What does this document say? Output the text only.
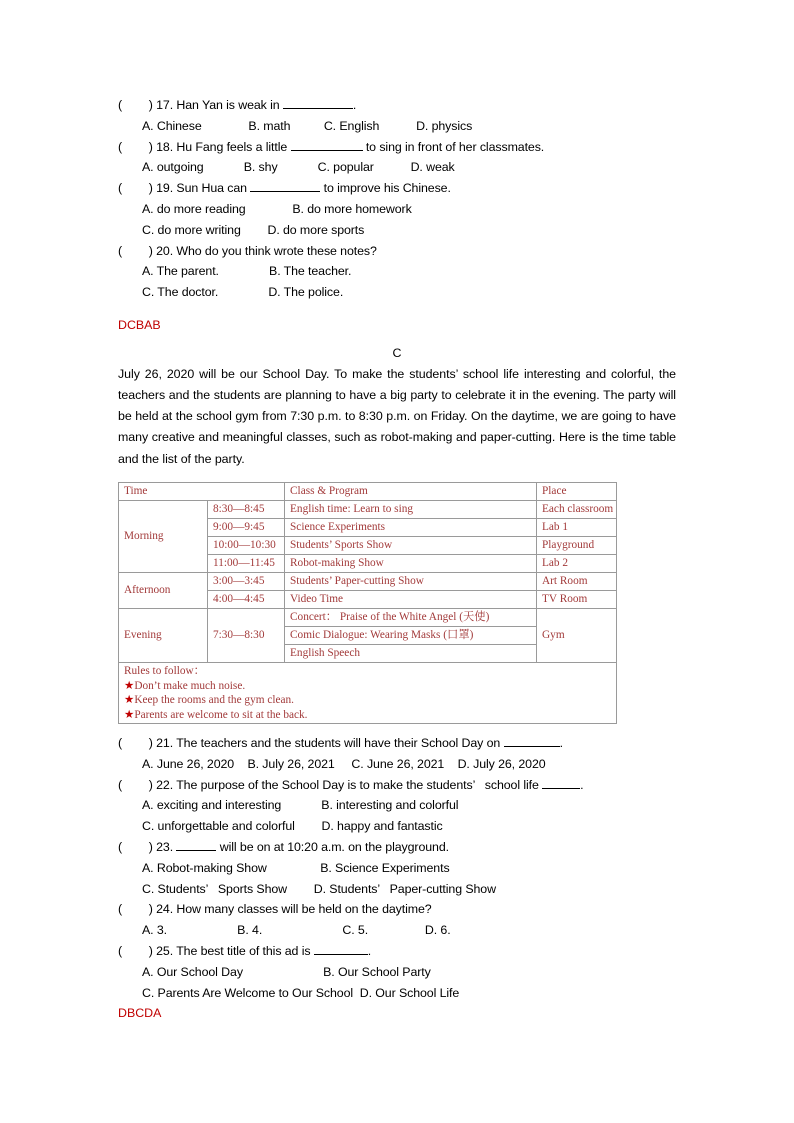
(        ) 17. Han Yan is weak in	.
A. Chinese              B. math          C. English           D. physics
(        ) 18. Hu Fang feels a little	to sing in front of her classmates.
A. outgoing            B. shy            C. popular           D. weak
(        ) 19. Sun Hua can	to improve his Chinese.
A. do more reading              B. do more homework
C. do more writing        D. do more sports
(        ) 20. Who do you think wrote these notes?
A. The parent.               B. The teacher.
C. The doctor.               D. The police.
DCBAB
C
July 26, 2020 will be our School Day. To make the students’ school life interesting and colorful, the teachers and the students are planning to have a big party to celebrate it in the evening. The party will be held at the school gym from 7:30 p.m. to 8:30 p.m. on Friday. On the daytime, we are going to have many creative and meaningful classes, such as robot-making and paper-cutting. Here is the time table and the list of the party.
Time		Class & Program	Place
Morning	8:30—8:45	English time: Learn to sing	Each classroom
	9:00—9:45	Science Experiments	Lab 1
	10:00—10:30	Students’ Sports Show	Playground
	11:00—11:45	Robot-making Show	Lab 2
Afternoon	3:00—3:45	Students’ Paper-cutting Show	Art Room
	4:00—4:45	Video Time	TV Room
Evening	7:30—8:30	Concert： Praise of the White Angel (天使)	Gym
		Comic Dialogue: Wearing Masks (口罩)	
		English Speech	

Rules to follow：
★Don’t make much noise.
★Keep the rooms and the gym clean.
★Parents are welcome to sit at the back.			
(        ) 21. The teachers and the students will have their School Day on	.
A. June 26, 2020    B. July 26, 2021     C. June 26, 2021    D. July 26, 2020
(        ) 22. The purpose of the School Day is to make the students’   school life	.
A. exciting and interesting            B. interesting and colorful
C. unforgettable and colorful        D. happy and fantastic
(        ) 23.	will be on at 10:20 a.m. on the playground.
A. Robot-making Show                B. Science Experiments
C. Students’   Sports Show        D. Students’   Paper-cutting Show
(        ) 24. How many classes will be held on the daytime?
A. 3.                     B. 4.                        C. 5.                 D. 6.
(        ) 25. The best title of this ad is	.
A. Our School Day                        B. Our School Party
C. Parents Are Welcome to Our School  D. Our School Life
DBCDA
